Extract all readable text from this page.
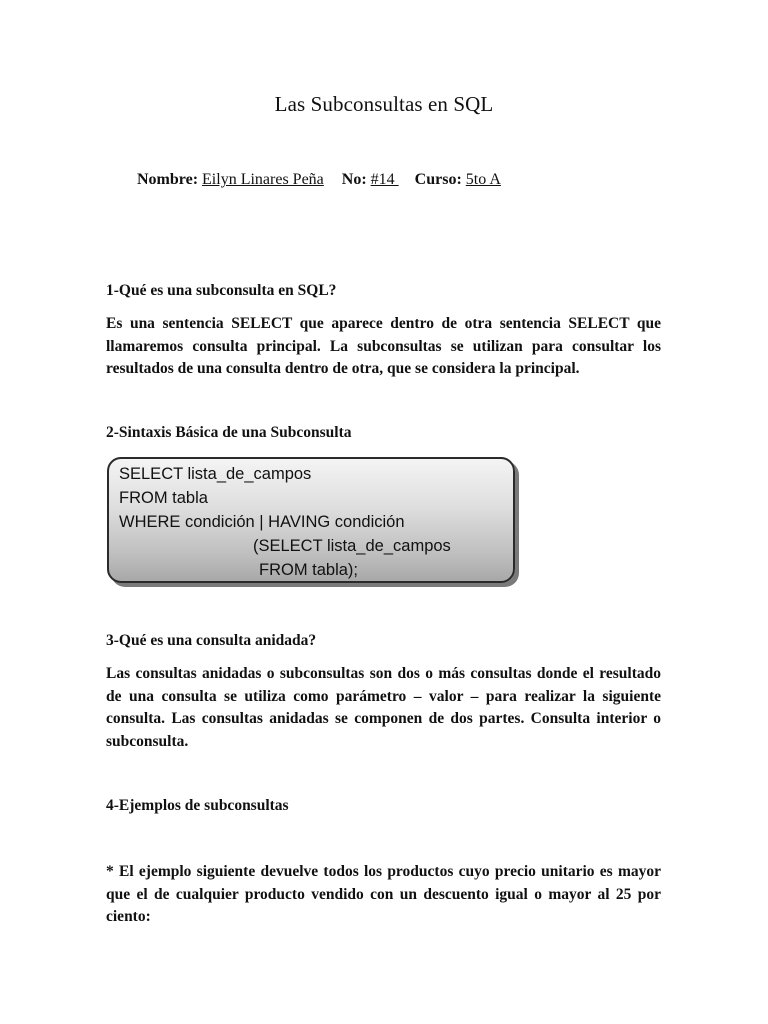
Las Subconsultas en SQL
Nombre: Eilyn Linares Peña No: #14  Curso: 5to A
1-Qué es una subconsulta en SQL?
Es una sentencia SELECT que aparece dentro de otra sentencia SELECT que llamaremos consulta principal. La subconsultas se utilizan para consultar los resultados de una consulta dentro de otra, que se considera la principal.
2-Sintaxis Básica de una Subconsulta
SELECT lista_de_campos
FROM tabla
WHERE condición | HAVING condición
(SELECT lista_de_campos
FROM tabla);
3-Qué es una consulta anidada?
Las consultas anidadas o subconsultas son dos o más consultas donde el resultado de una consulta se utiliza como parámetro – valor – para realizar la siguiente consulta. Las consultas anidadas se componen de dos partes. Consulta interior o subconsulta.
4-Ejemplos de subconsultas
* El ejemplo siguiente devuelve todos los productos cuyo precio unitario es mayor que el de cualquier producto vendido con un descuento igual o mayor al 25 por ciento:
